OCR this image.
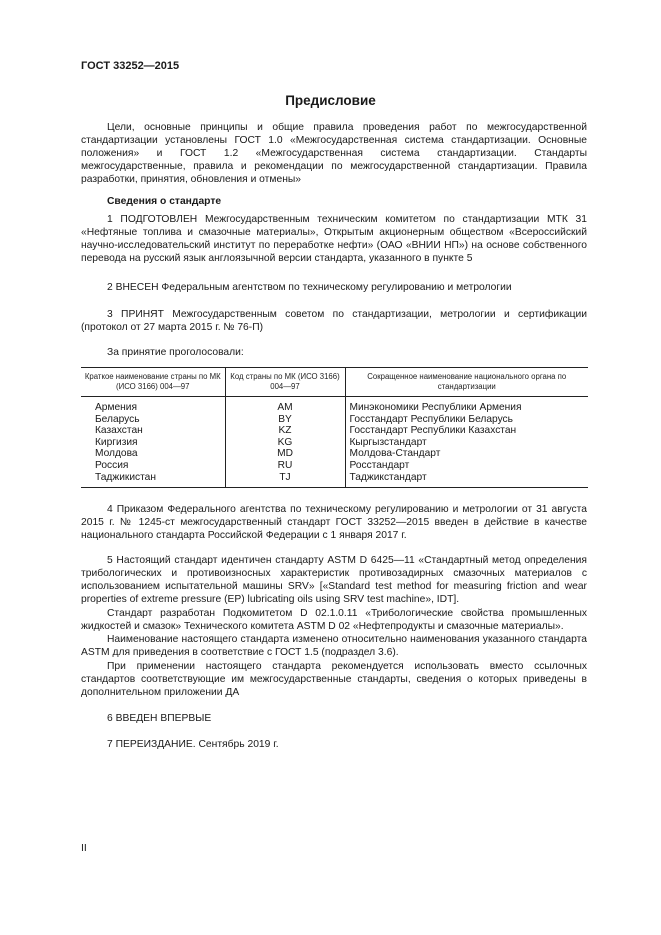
ГОСТ 33252—2015
Предисловие
Цели, основные принципы и общие правила проведения работ по межгосударственной стандартизации установлены ГОСТ 1.0 «Межгосударственная система стандартизации. Основные положения» и ГОСТ 1.2 «Межгосударственная система стандартизации. Стандарты межгосударственные, правила и рекомендации по межгосударственной стандартизации. Правила разработки, принятия, обновления и отмены»
Сведения о стандарте
1 ПОДГОТОВЛЕН Межгосударственным техническим комитетом по стандартизации МТК 31 «Нефтяные топлива и смазочные материалы», Открытым акционерным обществом «Всероссийский научно-исследовательский институт по переработке нефти» (ОАО «ВНИИ НП») на основе собственного перевода на русский язык англоязычной версии стандарта, указанного в пункте 5
2 ВНЕСЕН Федеральным агентством по техническому регулированию и метрологии
3 ПРИНЯТ Межгосударственным советом по стандартизации, метрологии и сертификации (протокол от 27 марта 2015 г. № 76-П)
За принятие проголосовали:
Краткое наименование страны по МК (ИСО 3166) 004—97	Код страны по МК (ИСО 3166) 004—97	Сокращенное наименование национального органа по стандартизации
Армения	AM	Минэкономики Республики Армения
Беларусь	BY	Госстандарт Республики Беларусь
Казахстан	KZ	Госстандарт Республики Казахстан
Киргизия	KG	Кыргызстандарт
Молдова	MD	Молдова-Стандарт
Россия	RU	Росстандарт
Таджикистан	TJ	Таджикстандарт
4 Приказом Федерального агентства по техническому регулированию и метрологии от 31 августа 2015 г. № 1245-ст межгосударственный стандарт ГОСТ 33252—2015 введен в действие в качестве национального стандарта Российской Федерации с 1 января 2017 г.
5 Настоящий стандарт идентичен стандарту ASTM D 6425—11 «Стандартный метод определения трибологических и противоизносных характеристик противозадирных смазочных материалов с использованием испытательной машины SRV» [«Standard test method for measuring friction and wear properties of extreme pressure (EP) lubricating oils using SRV test machine», IDT].
Стандарт разработан Подкомитетом D 02.1.0.11 «Трибологические свойства промышленных жидкостей и смазок» Технического комитета ASTM D 02 «Нефтепродукты и смазочные материалы».
Наименование настоящего стандарта изменено относительно наименования указанного стандарта ASTM для приведения в соответствие с ГОСТ 1.5 (подраздел 3.6).
При применении настоящего стандарта рекомендуется использовать вместо ссылочных стандартов соответствующие им межгосударственные стандарты, сведения о которых приведены в дополнительном приложении ДА
6 ВВЕДЕН ВПЕРВЫЕ
7 ПЕРЕИЗДАНИЕ. Сентябрь 2019 г.
II
